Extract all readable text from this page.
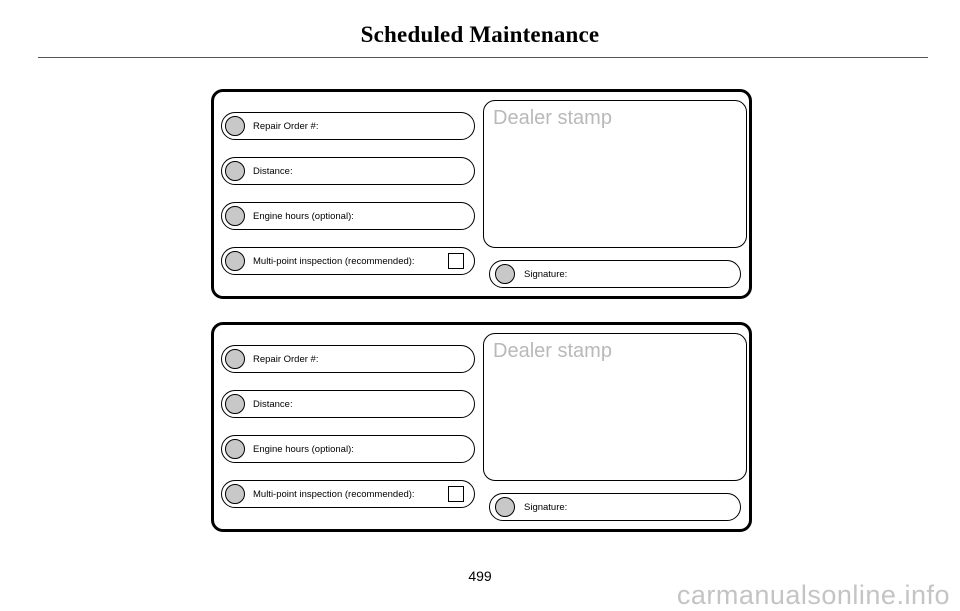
Scheduled Maintenance
Repair Order #:
Distance:
Engine hours (optional):
Multi-point inspection (recommended):
Dealer stamp
Signature:
Repair Order #:
Distance:
Engine hours (optional):
Multi-point inspection (recommended):
Dealer stamp
Signature:
499
carmanualsonline.info
